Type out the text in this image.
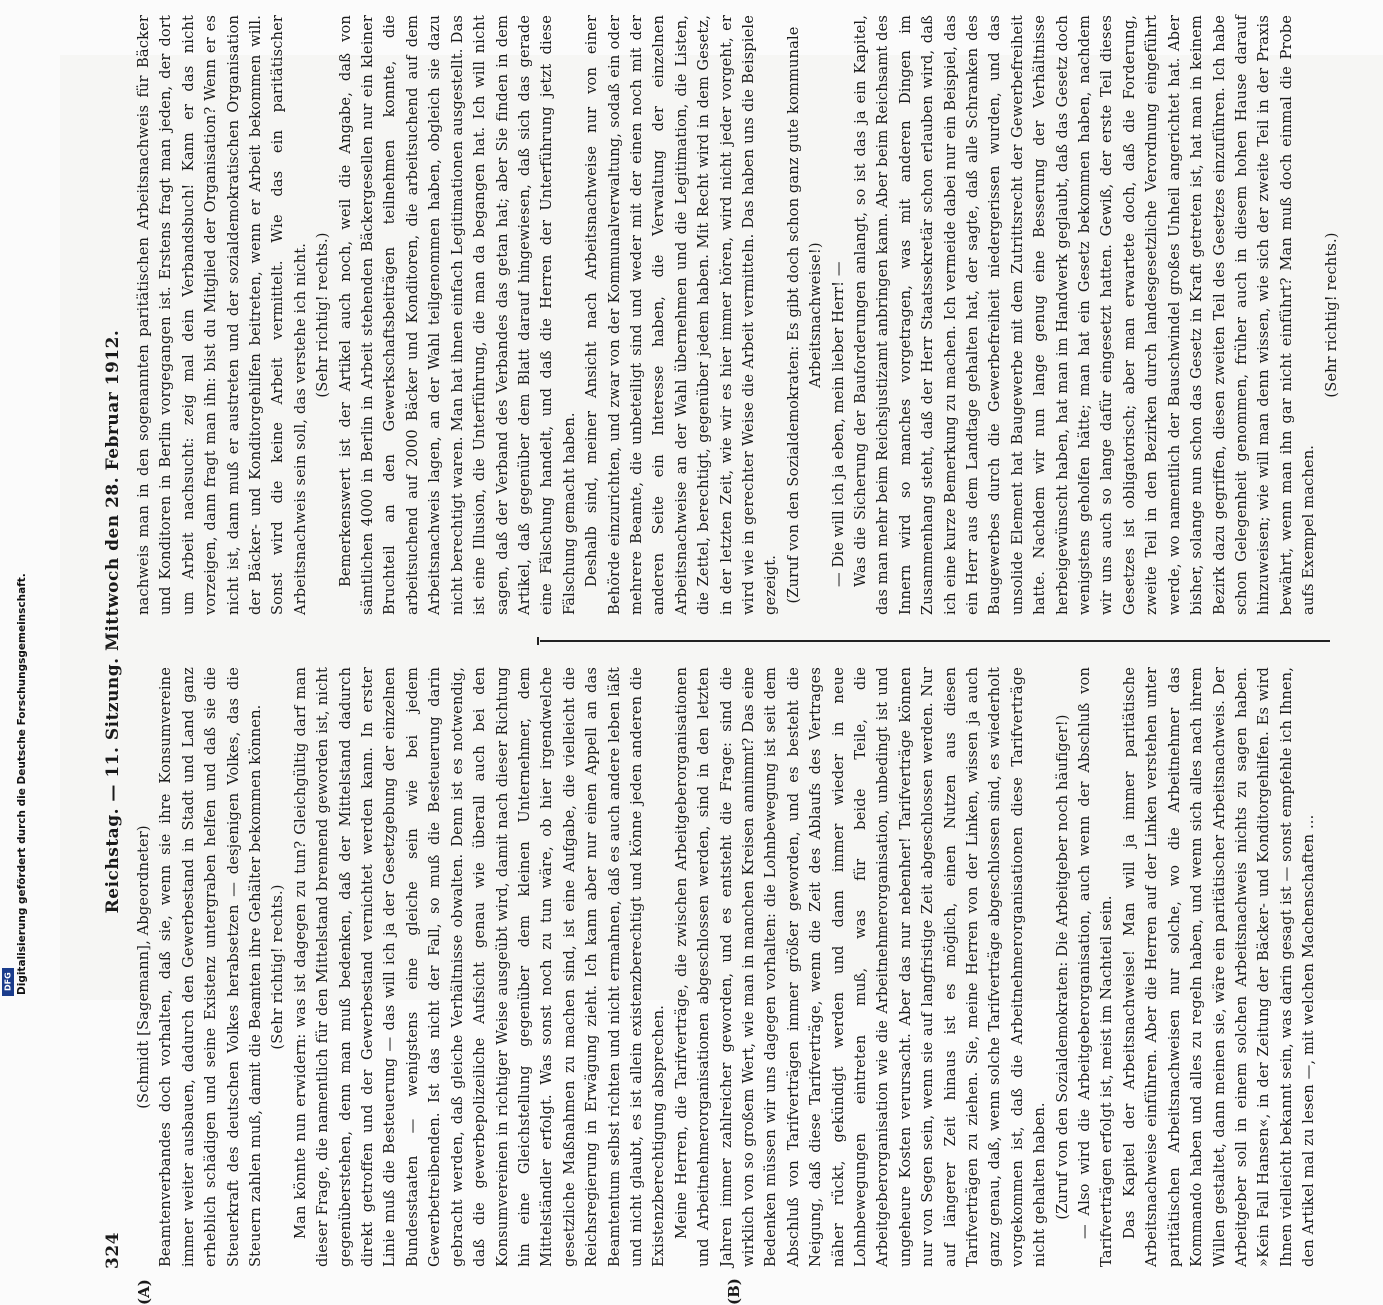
Digitalisierung gefördert durch die Deutsche Forschungsgemeinschaft.
DFG
324
Reichstag. — 11. Sitzung. Mittwoch den 28. Februar 1912.
(A)	(B)

(Schmidt [Sagemann], Abgeordneter) Beamtenverbandes doch vorhalten, daß sie, wenn sie ihre Konsumvereine immer weiter ausbauen, dadurch den Gewerbestand in Stadt und Land ganz erheblich schädigen und seine Existenz untergraben helfen und daß sie die Steuerkraft des deutschen Volkes herabsetzen — desjenigen Volkes, das die Steuern zahlen muß, damit die Beamten ihre Gehälter bekommen können. (Sehr richtig! rechts.) Man könnte nun erwidern: was ist dagegen zu tun? Gleichgültig darf man dieser Frage, die namentlich für den Mittelstand brennend geworden ist, nicht gegenüberstehen, denn man muß bedenken, daß der Mittelstand dadurch direkt getroffen und der Gewerbestand vernichtet werden kann. In erster Linie muß die Besteuerung — das will ich ja der Gesetzgebung der einzelnen Bundesstaaten — wenigstens eine gleiche sein wie bei jedem Gewerbetreibenden. Ist das nicht der Fall, so muß die Besteuerung darin gebracht werden, daß gleiche Verhältnisse obwalten. Denn ist es notwendig, daß die gewerbepolizeiliche Aufsicht genau wie überall auch bei den Konsumvereinen in richtiger Weise ausgeübt wird, damit nach dieser Richtung hin eine Gleichstellung gegenüber dem kleinen Unternehmer, dem Mittelständler erfolgt. Was sonst noch zu tun wäre, ob hier irgendwelche gesetzliche Maßnahmen zu machen sind, ist eine Aufgabe, die vielleicht die Reichsregierung in Erwägung zieht. Ich kann aber nur einen Appell an das Beamtentum selbst richten und nicht ermahnen, daß es auch andere leben läßt und nicht glaubt, es ist allein existenzberechtigt und könne jeden anderen die Existenzberechtigung absprechen. Meine Herren, die Tarifverträge, die zwischen Arbeitgeberorganisationen und Arbeitnehmerorganisationen abgeschlossen werden, sind in den letzten Jahren immer zahlreicher geworden, und es entsteht die Frage: sind die wirklich von so großem Wert, wie man in manchen Kreisen annimmt? Das eine Bedenken müssen wir uns dagegen vorhalten: die Lohnbewegung ist seit dem Abschluß von Tarifverträgen immer größer geworden, und es besteht die Neigung, daß diese Tarifverträge, wenn die Zeit des Ablaufs des Vertrages näher rückt, gekündigt werden und dann immer wieder in neue Lohnbewegungen eintreten muß, was für beide Teile, die Arbeitgeberorganisation wie die Arbeitnehmerorganisation, unbedingt ist und ungeheure Kosten verursacht. Aber das nur nebenher! Tarifverträge können nur von Segen sein, wenn sie auf langfristige Zeit abgeschlossen werden. Nur auf längerer Zeit hinaus ist es möglich, einen Nutzen aus diesen Tarifverträgen zu ziehen. Sie, meine Herren von der Linken, wissen ja auch ganz genau, daß, wenn solche Tarifverträge abgeschlossen sind, es wiederholt vorgekommen ist, daß die Arbeitnehmerorganisationen diese Tarifverträge nicht gehalten haben. (Zuruf von den Sozialdemokraten: Die Arbeitgeber noch häufiger!) — Also wird die Arbeitgeberorganisation, auch wenn der Abschluß von Tarifverträgen erfolgt ist, meist im Nachteil sein. Das Kapitel der Arbeitsnachweise! Man will ja immer paritätische Arbeitsnachweise einführen. Aber die Herren auf der Linken verstehen unter paritätischen Arbeitsnachweisen nur solche, wo die Arbeitnehmer das Kommando haben und alles zu regeln haben, und wenn sich alles nach ihrem Willen gestaltet, dann meinen sie, wäre ein paritätischer Arbeitsnachweis. Der Arbeitgeber soll in einem solchen Arbeitsnachweis nichts zu sagen haben. »Kein Fall Hansen«, in der Zeitung der Bäcker- und Konditorgehilfen. Es wird Ihnen vielleicht bekannt sein, was darin gesagt ist — sonst empfehle ich Ihnen, den Artikel mal zu lesen —, mit welchen Machenschaften ...

nachweis man in den sogenannten paritätischen Arbeitsnachweis für Bäcker und Konditoren in Berlin vorgegangen ist. Erstens fragt man jeden, der dort um Arbeit nachsucht: zeig mal dein Verbandsbuch! Kann er das nicht vorzeigen, dann fragt man ihn: bist du Mitglied der Organisation? Wenn er es nicht ist, dann muß er austreten und der sozialdemokratischen Organisation der Bäcker- und Konditorgehilfen beitreten, wenn er Arbeit bekommen will. Sonst wird die keine Arbeit vermittelt. Wie das ein paritätischer Arbeitsnachweis sein soll, das verstehe ich nicht. (Sehr richtig! rechts.) Bemerkenswert ist der Artikel auch noch, weil die Angabe, daß von sämtlichen 4000 in Berlin in Arbeit stehenden Bäckergesellen nur ein kleiner Bruchteil an den Gewerkschaftsbeiträgen teilnehmen konnte, die arbeitsuchend auf 2000 Bäcker und Konditoren, die arbeitsuchend auf dem Arbeitsnachweis lagen, an der Wahl teilgenommen haben, obgleich sie dazu nicht berechtigt waren. Man hat ihnen einfach Legitimationen ausgestellt. Das ist eine Illusion, die Unterführung, die man da begangen hat. Ich will nicht sagen, daß der Verband des Verbandes das getan hat; aber Sie finden in dem Artikel, daß gegenüber dem Blatt darauf hingewiesen, daß sich das gerade eine Fälschung handelt, und daß die Herren der Unterführung jetzt diese Fälschung gemacht haben. Deshalb sind, meiner Ansicht nach Arbeitsnachweise nur von einer Behörde einzurichten, und zwar von der Kommunalverwaltung, sodaß ein oder mehrere Beamte, die unbeteiligt sind und weder mit der einen noch mit der anderen Seite ein Interesse haben, die Verwaltung der einzelnen Arbeitsnachweise an der Wahl übernehmen und die Legitimation, die Listen, die Zettel, berechtigt, gegenüber jedem haben. Mit Recht wird in dem Gesetz, in der letzten Zeit, wie wir es hier immer hören, wird nicht jeder vorgeht, er wird wie in gerechter Weise die Arbeit vermitteln. Das haben uns die Beispiele gezeigt. (Zuruf von den Sozialdemokraten: Es gibt doch schon ganz gute kommunale Arbeitsnachweise!) — Die will ich ja eben, mein lieber Herr! — Was die Sicherung der Bauforderungen anlangt, so ist das ja ein Kapitel, das man mehr beim Reichsjustizamt anbringen kann. Aber beim Reichsamt des Innern wird so manches vorgetragen, was mit anderen Dingen im Zusammenhang steht, daß der Herr Staatssekretär schon erlauben wird, daß ich eine kurze Bemerkung zu machen. Ich vermeide dabei nur ein Beispiel, das ein Herr aus dem Landtage gehalten hat, der sagte, daß alle Schranken des Baugewerbes durch die Gewerbefreiheit niedergerissen wurden, und das unsolide Element hat Baugewerbe mit dem Zutrittsrecht der Gewerbefreiheit hatte. Nachdem wir nun lange genug eine Besserung der Verhältnisse herbeigewünscht haben, hat man im Handwerk geglaubt, daß das Gesetz doch wenigstens geholfen hätte; man hat ein Gesetz bekommen haben, nachdem wir uns auch so lange dafür eingesetzt hatten. Gewiß, der erste Teil dieses Gesetzes ist obligatorisch; aber man erwartete doch, daß die Forderung, zweite Teil in den Bezirken durch landesgesetzliche Verordnung eingeführt werde, wo namentlich der Bauschwindel großes Unheil angerichtet hat. Aber bisher, solange nun schon das Gesetz in Kraft getreten ist, hat man in keinem Bezirk dazu gegriffen, diesen zweiten Teil des Gesetzes einzuführen. Ich habe schon Gelegenheit genommen, früher auch in diesem hohen Hause darauf hinzuweisen; wie will man denn wissen, wie sich der zweite Teil in der Praxis bewährt, wenn man ihn gar nicht einführt? Man muß doch einmal die Probe aufs Exempel machen.

(Sehr richtig! rechts.)
